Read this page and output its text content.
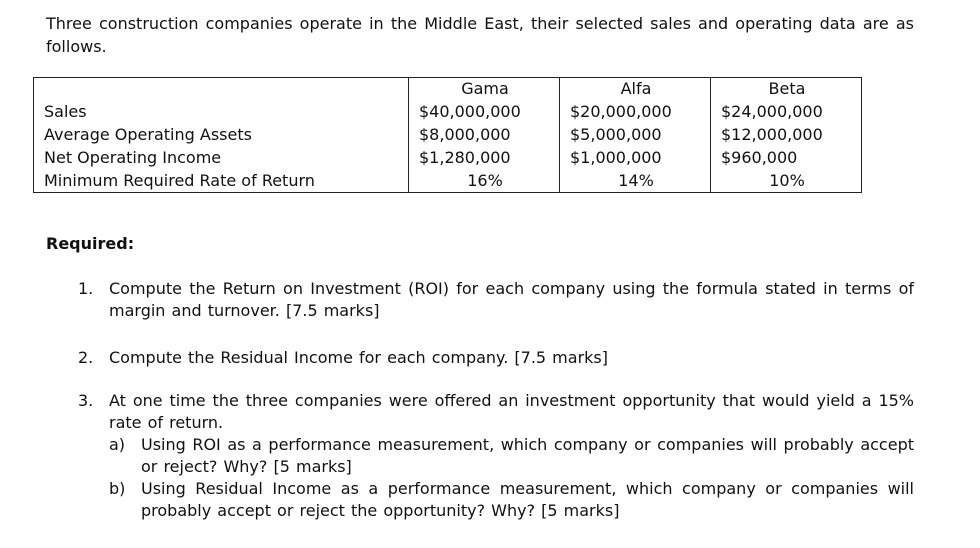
Three construction companies operate in the Middle East, their selected sales and operating data are as follows.
	Gama	Alfa	Beta
Sales	$40,000,000	$20,000,000	$24,000,000
Average Operating Assets	$8,000,000	$5,000,000	$12,000,000
Net Operating Income	$1,280,000	$1,000,000	$960,000
Minimum Required Rate of Return	16%	14%	10%
Required:
1. Compute the Return on Investment (ROI) for each company using the formula stated in terms of margin and turnover. [7.5 marks]
2. Compute the Residual Income for each company. [7.5 marks]
3. At one time the three companies were offered an investment opportunity that would yield a 15% rate of return.
a) Using ROI as a performance measurement, which company or companies will probably accept or reject? Why? [5 marks]
b) Using Residual Income as a performance measurement, which company or companies will probably accept or reject the opportunity? Why? [5 marks]
